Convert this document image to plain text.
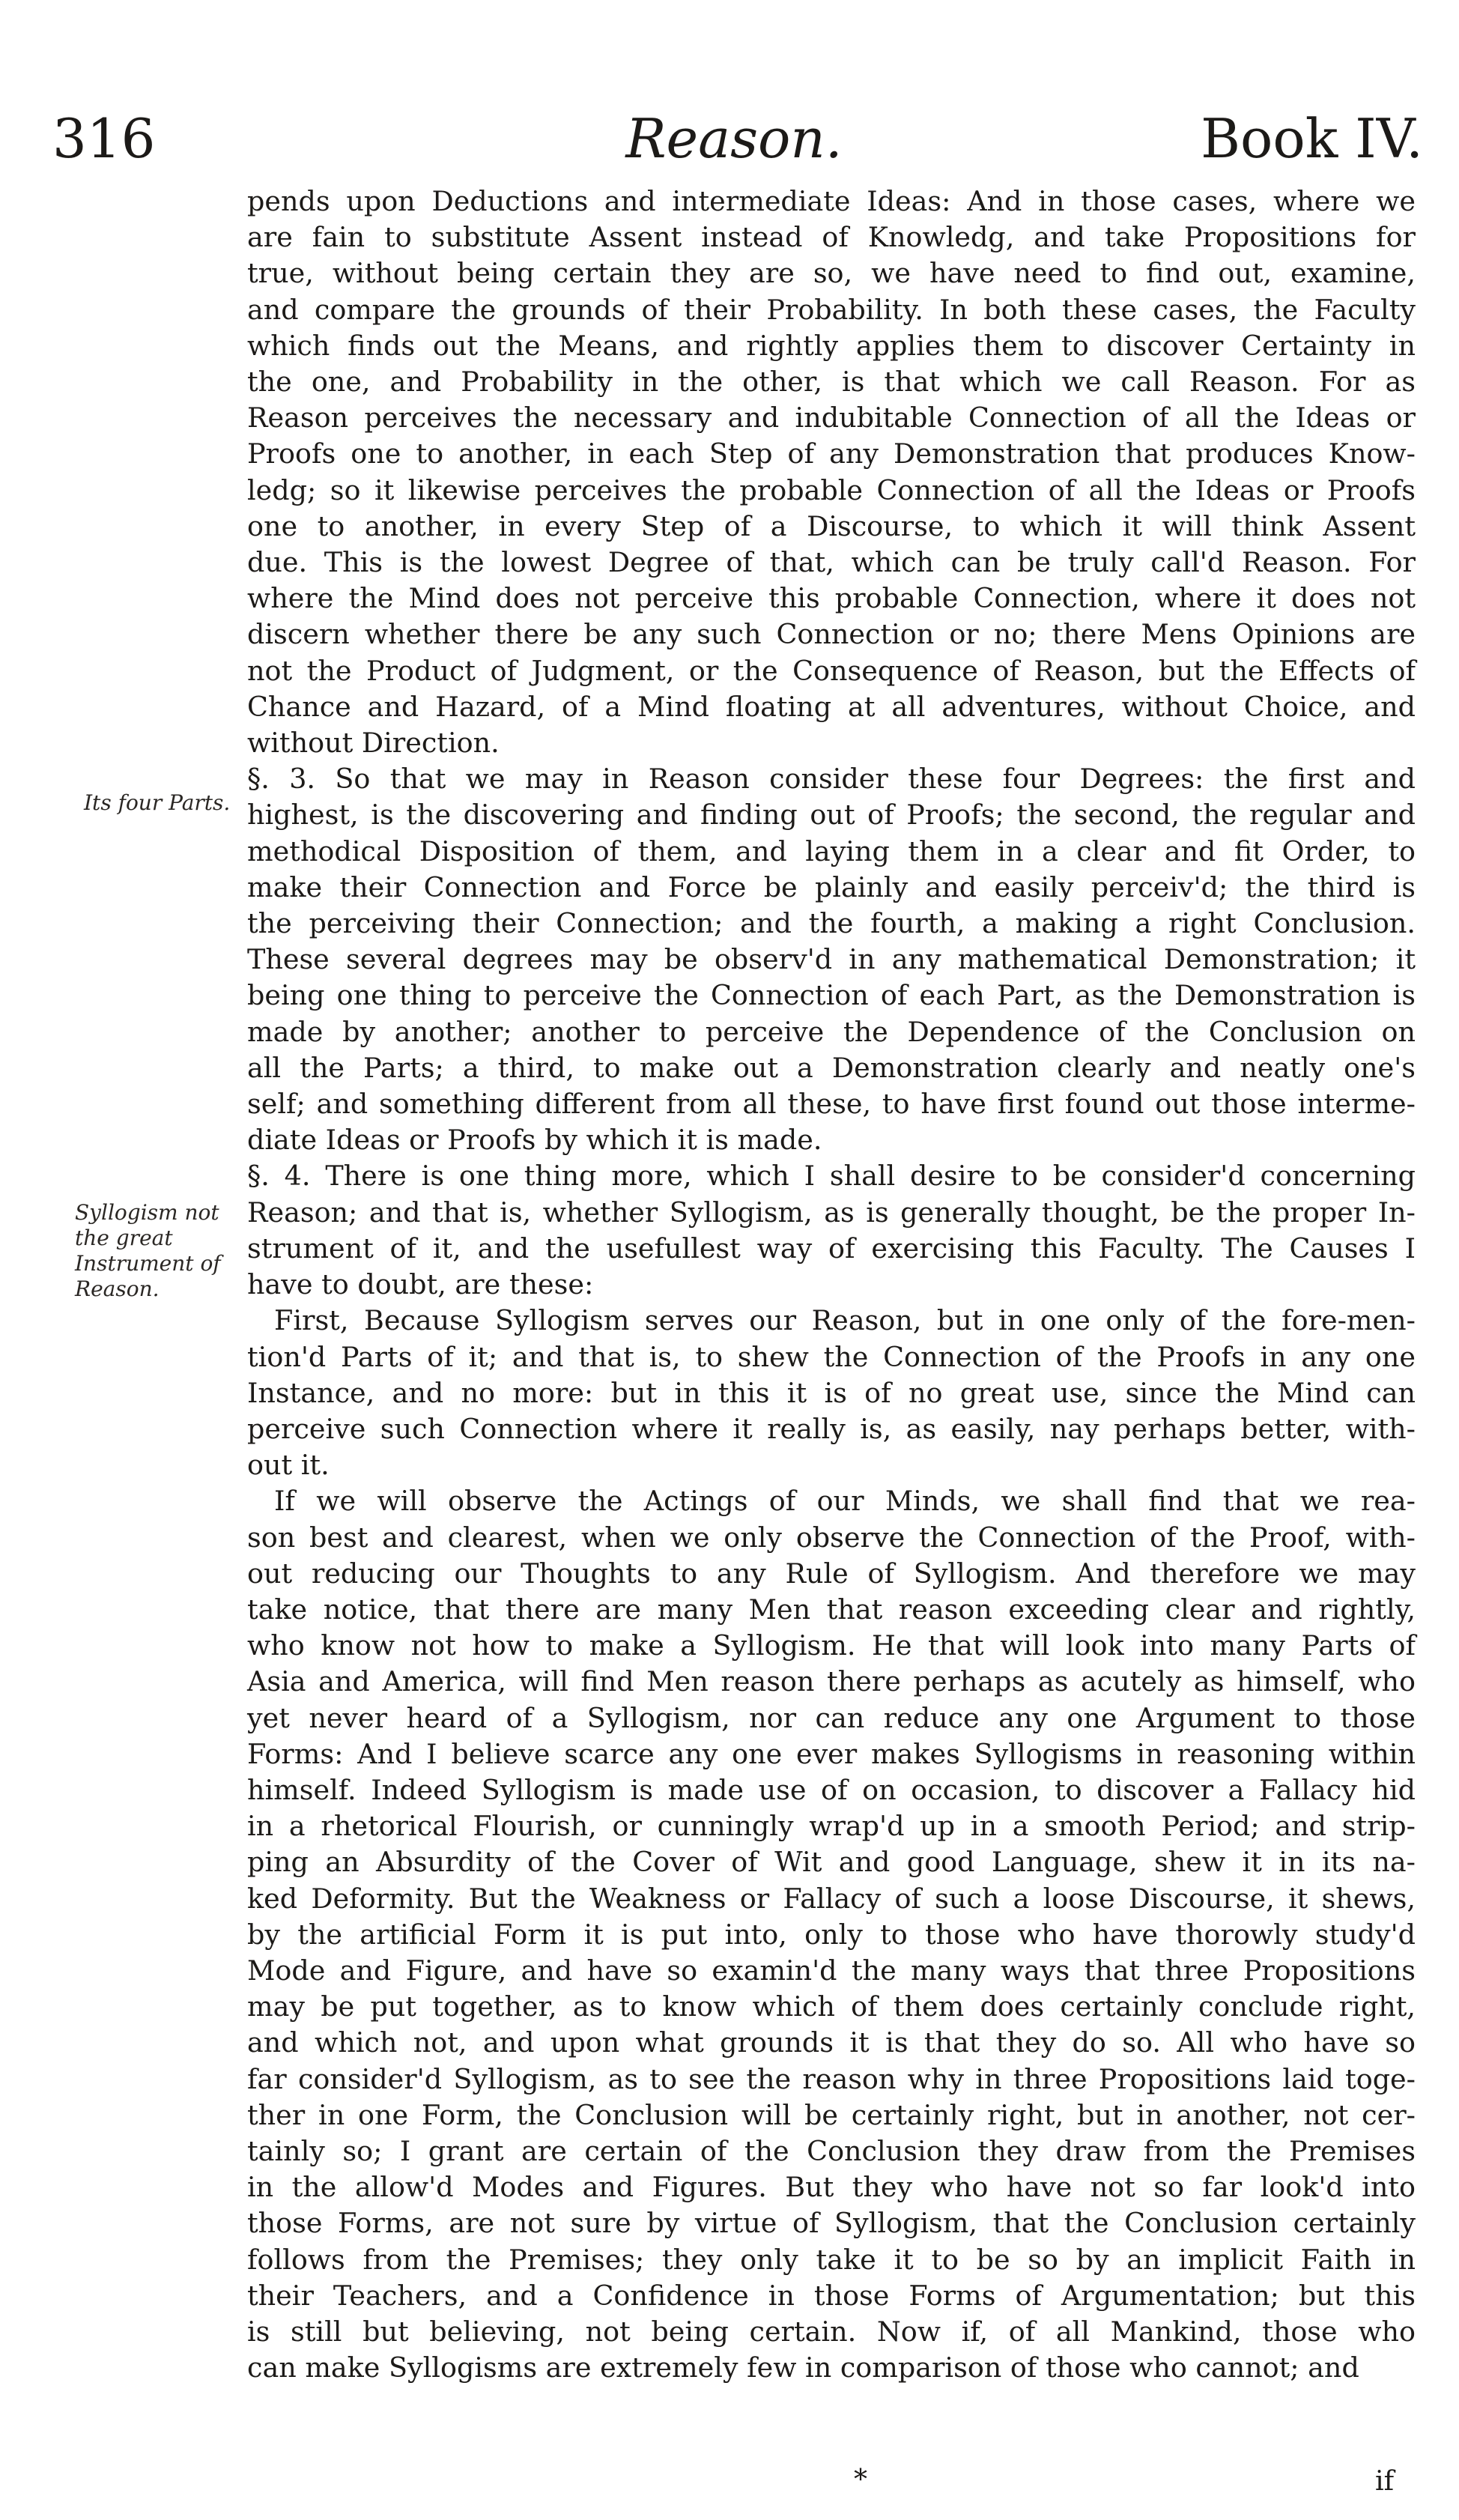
316	Reason.	Book IV.
Its four Parts.
Syllogism not the great Instrument of Reason.
pends upon Deductions and intermediate Ideas: And in those cases, where we
are fain to substitute Assent instead of Knowledg, and take Propositions for
true, without being certain they are so, we have need to find out, examine,
and compare the grounds of their Probability. In both these cases, the Faculty
which finds out the Means, and rightly applies them to discover Certainty in
the one, and Probability in the other, is that which we call Reason. For as
Reason perceives the necessary and indubitable Connection of all the Ideas or
Proofs one to another, in each Step of any Demonstration that produces Know-
ledg; so it likewise perceives the probable Connection of all the Ideas or Proofs
one to another, in every Step of a Discourse, to which it will think Assent
due. This is the lowest Degree of that, which can be truly call'd Reason. For
where the Mind does not perceive this probable Connection, where it does not
discern whether there be any such Connection or no; there Mens Opinions are
not the Product of Judgment, or the Consequence of Reason, but the Effects of
Chance and Hazard, of a Mind floating at all adventures, without Choice, and
without Direction.
§. 3. So that we may in Reason consider these four Degrees: the first and
highest, is the discovering and finding out of Proofs; the second, the regular and
methodical Disposition of them, and laying them in a clear and fit Order, to
make their Connection and Force be plainly and easily perceiv'd; the third is
the perceiving their Connection; and the fourth, a making a right Conclusion.
These several degrees may be observ'd in any mathematical Demonstration; it
being one thing to perceive the Connection of each Part, as the Demonstration is
made by another; another to perceive the Dependence of the Conclusion on
all the Parts; a third, to make out a Demonstration clearly and neatly one's
self; and something different from all these, to have first found out those interme-
diate Ideas or Proofs by which it is made.
§. 4. There is one thing more, which I shall desire to be consider'd concerning
Reason; and that is, whether Syllogism, as is generally thought, be the proper In-
strument of it, and the usefullest way of exercising this Faculty. The Causes I
have to doubt, are these:
First, Because Syllogism serves our Reason, but in one only of the fore-men-
tion'd Parts of it; and that is, to shew the Connection of the Proofs in any one
Instance, and no more: but in this it is of no great use, since the Mind can
perceive such Connection where it really is, as easily, nay perhaps better, with-
out it.
If we will observe the Actings of our Minds, we shall find that we rea-
son best and clearest, when we only observe the Connection of the Proof, with-
out reducing our Thoughts to any Rule of Syllogism. And therefore we may
take notice, that there are many Men that reason exceeding clear and rightly,
who know not how to make a Syllogism. He that will look into many Parts of
Asia and America, will find Men reason there perhaps as acutely as himself, who
yet never heard of a Syllogism, nor can reduce any one Argument to those
Forms: And I believe scarce any one ever makes Syllogisms in reasoning within
himself. Indeed Syllogism is made use of on occasion, to discover a Fallacy hid
in a rhetorical Flourish, or cunningly wrap'd up in a smooth Period; and strip-
ping an Absurdity of the Cover of Wit and good Language, shew it in its na-
ked Deformity. But the Weakness or Fallacy of such a loose Discourse, it shews,
by the artificial Form it is put into, only to those who have thorowly study'd
Mode and Figure, and have so examin'd the many ways that three Propositions
may be put together, as to know which of them does certainly conclude right,
and which not, and upon what grounds it is that they do so. All who have so
far consider'd Syllogism, as to see the reason why in three Propositions laid toge-
ther in one Form, the Conclusion will be certainly right, but in another, not cer-
tainly so; I grant are certain of the Conclusion they draw from the Premises
in the allow'd Modes and Figures. But they who have not so far look'd into
those Forms, are not sure by virtue of Syllogism, that the Conclusion certainly
follows from the Premises; they only take it to be so by an implicit Faith in
their Teachers, and a Confidence in those Forms of Argumentation; but this
is still but believing, not being certain. Now if, of all Mankind, those who
can make Syllogisms are extremely few in comparison of those who cannot; and
*	if
